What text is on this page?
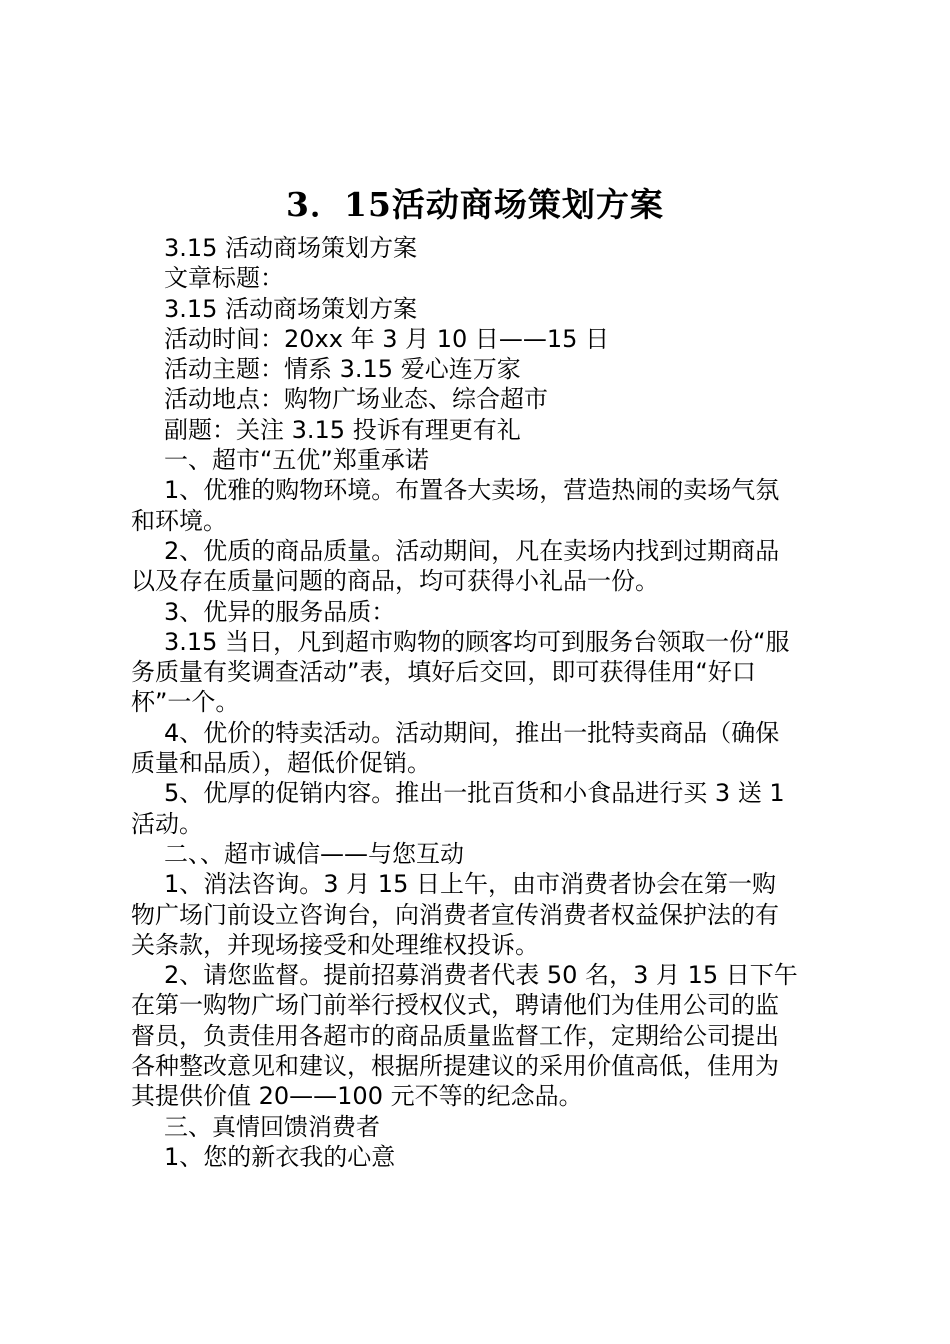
3．15活动商场策划方案

3.15 活动商场策划方案

文章标题：

3.15 活动商场策划方案

活动时间：20xx 年 3 月 10 日——15 日

活动主题：情系 3.15 爱心连万家

活动地点：购物广场业态、综合超市

副题：关注 3.15 投诉有理更有礼

一、超市“五优”郑重承诺

1、优雅的购物环境。布置各大卖场，营造热闹的卖场气氛

和环境。

2、优质的商品质量。活动期间，凡在卖场内找到过期商品

以及存在质量问题的商品，均可获得小礼品一份。

3、优异的服务品质：

3.15 当日，凡到超市购物的顾客均可到服务台领取一份“服

务质量有奖调查活动”表，填好后交回，即可获得佳用“好口

杯”一个。

4、优价的特卖活动。活动期间，推出一批特卖商品（确保

质量和品质），超低价促销。

5、优厚的促销内容。推出一批百货和小食品进行买 3 送 1

活动。

二、、超市诚信——与您互动

1、消法咨询。3 月 15 日上午，由市消费者协会在第一购

物广场门前设立咨询台，向消费者宣传消费者权益保护法的有

关条款，并现场接受和处理维权投诉。

2、请您监督。提前招募消费者代表 50 名，3 月 15 日下午

在第一购物广场门前举行授权仪式，聘请他们为佳用公司的监

督员，负责佳用各超市的商品质量监督工作，定期给公司提出

各种整改意见和建议，根据所提建议的采用价值高低，佳用为

其提供价值 20——100 元不等的纪念品。

三、真情回馈消费者

1、您的新衣我的心意
